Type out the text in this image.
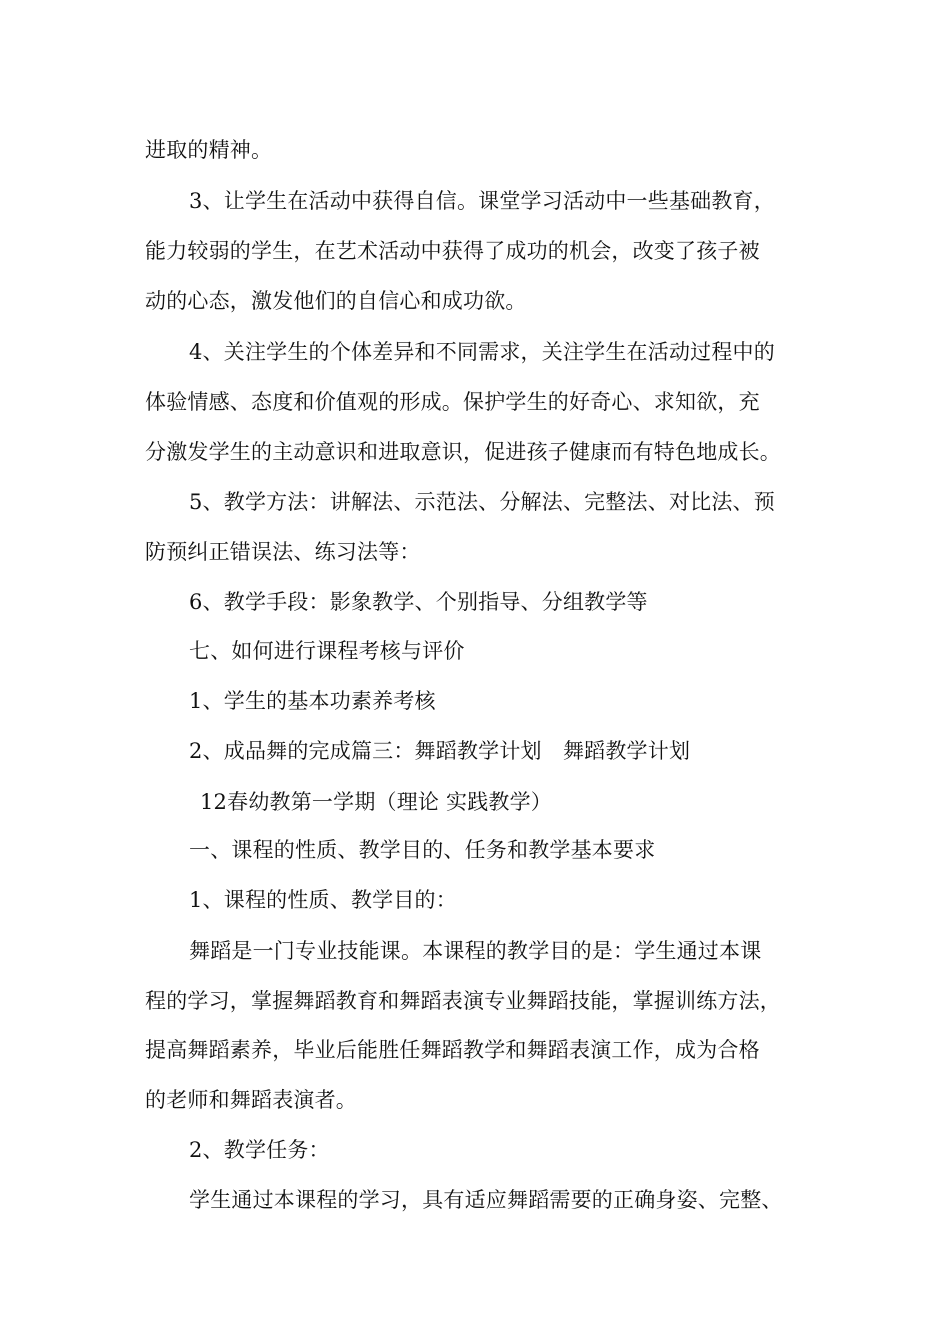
进取的精神。
3、让学生在活动中获得自信。课堂学习活动中一些基础教育，
能力较弱的学生，在艺术活动中获得了成功的机会，改变了孩子被
动的心态，激发他们的自信心和成功欲。
4、关注学生的个体差异和不同需求，关注学生在活动过程中的
体验情感、态度和价值观的形成。保护学生的好奇心、求知欲，充
分激发学生的主动意识和进取意识，促进孩子健康而有特色地成长。
5、教学方法：讲解法、示范法、分解法、完整法、对比法、预
防预纠正错误法、练习法等：
6、教学手段：影象教学、个别指导、分组教学等
七、如何进行课程考核与评价
1、学生的基本功素养考核
2、成品舞的完成篇三：舞蹈教学计划　舞蹈教学计划
12春幼教第一学期（理论 实践教学）
一、课程的性质、教学目的、任务和教学基本要求
1、课程的性质、教学目的：
舞蹈是一门专业技能课。本课程的教学目的是：学生通过本课
程的学习，掌握舞蹈教育和舞蹈表演专业舞蹈技能，掌握训练方法，
提高舞蹈素养，毕业后能胜任舞蹈教学和舞蹈表演工作，成为合格
的老师和舞蹈表演者。
2、教学任务：
学生通过本课程的学习，具有适应舞蹈需要的正确身姿、完整、
